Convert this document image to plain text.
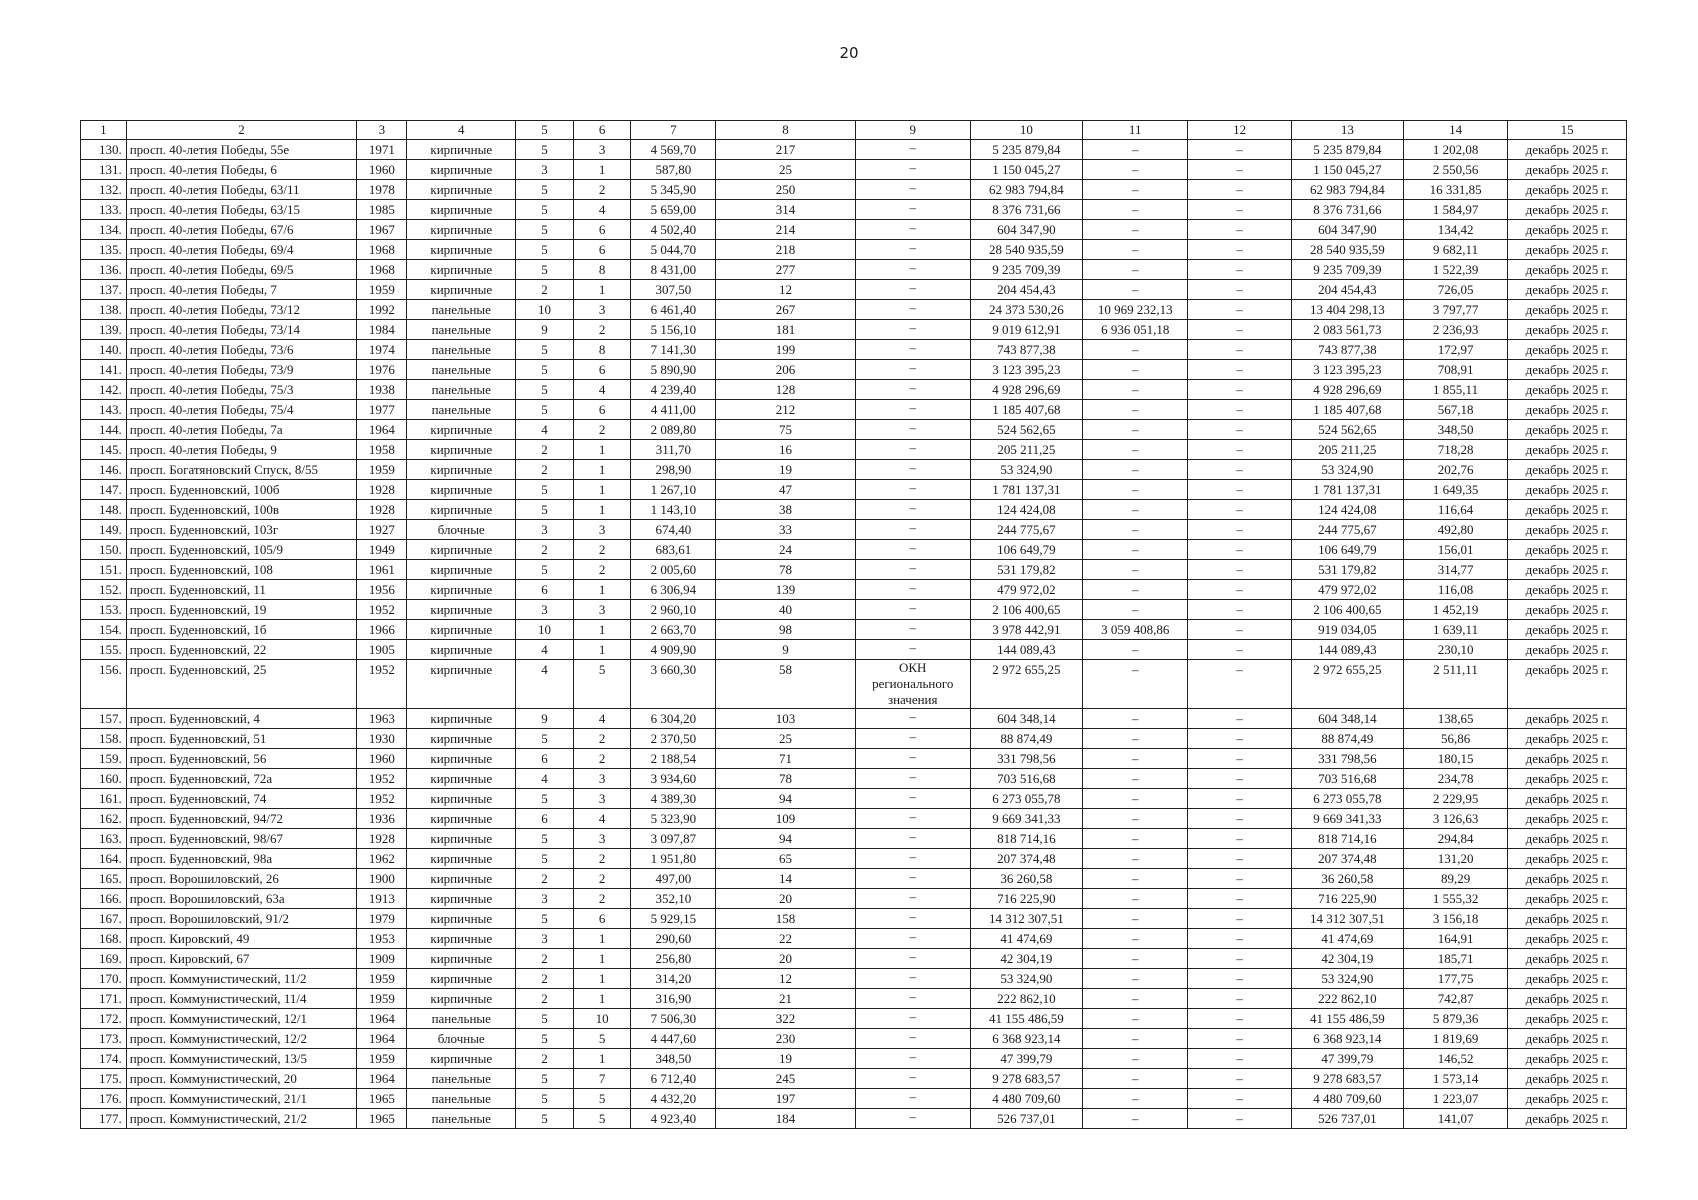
20
1	2	3	4	5	6	7	8	9	10	11	12	13	14	15
130.	просп. 40-летия Победы, 55е	1971	кирпичные	5	3	4 569,70	217	–	5 235 879,84	–	–	5 235 879,84	1 202,08	декабрь 2025 г.
131.	просп. 40-летия Победы, 6	1960	кирпичные	3	1	587,80	25	–	1 150 045,27	–	–	1 150 045,27	2 550,56	декабрь 2025 г.
132.	просп. 40-летия Победы, 63/11	1978	кирпичные	5	2	5 345,90	250	–	62 983 794,84	–	–	62 983 794,84	16 331,85	декабрь 2025 г.
133.	просп. 40-летия Победы, 63/15	1985	кирпичные	5	4	5 659,00	314	–	8 376 731,66	–	–	8 376 731,66	1 584,97	декабрь 2025 г.
134.	просп. 40-летия Победы, 67/6	1967	кирпичные	5	6	4 502,40	214	–	604 347,90	–	–	604 347,90	134,42	декабрь 2025 г.
135.	просп. 40-летия Победы, 69/4	1968	кирпичные	5	6	5 044,70	218	–	28 540 935,59	–	–	28 540 935,59	9 682,11	декабрь 2025 г.
136.	просп. 40-летия Победы, 69/5	1968	кирпичные	5	8	8 431,00	277	–	9 235 709,39	–	–	9 235 709,39	1 522,39	декабрь 2025 г.
137.	просп. 40-летия Победы, 7	1959	кирпичные	2	1	307,50	12	–	204 454,43	–	–	204 454,43	726,05	декабрь 2025 г.
138.	просп. 40-летия Победы, 73/12	1992	панельные	10	3	6 461,40	267	–	24 373 530,26	10 969 232,13	–	13 404 298,13	3 797,77	декабрь 2025 г.
139.	просп. 40-летия Победы, 73/14	1984	панельные	9	2	5 156,10	181	–	9 019 612,91	6 936 051,18	–	2 083 561,73	2 236,93	декабрь 2025 г.
140.	просп. 40-летия Победы, 73/6	1974	панельные	5	8	7 141,30	199	–	743 877,38	–	–	743 877,38	172,97	декабрь 2025 г.
141.	просп. 40-летия Победы, 73/9	1976	панельные	5	6	5 890,90	206	–	3 123 395,23	–	–	3 123 395,23	708,91	декабрь 2025 г.
142.	просп. 40-летия Победы, 75/3	1938	панельные	5	4	4 239,40	128	–	4 928 296,69	–	–	4 928 296,69	1 855,11	декабрь 2025 г.
143.	просп. 40-летия Победы, 75/4	1977	панельные	5	6	4 411,00	212	–	1 185 407,68	–	–	1 185 407,68	567,18	декабрь 2025 г.
144.	просп. 40-летия Победы, 7а	1964	кирпичные	4	2	2 089,80	75	–	524 562,65	–	–	524 562,65	348,50	декабрь 2025 г.
145.	просп. 40-летия Победы, 9	1958	кирпичные	2	1	311,70	16	–	205 211,25	–	–	205 211,25	718,28	декабрь 2025 г.
146.	просп. Богатяновский Спуск, 8/55	1959	кирпичные	2	1	298,90	19	–	53 324,90	–	–	53 324,90	202,76	декабрь 2025 г.
147.	просп. Буденновский, 100б	1928	кирпичные	5	1	1 267,10	47	–	1 781 137,31	–	–	1 781 137,31	1 649,35	декабрь 2025 г.
148.	просп. Буденновский, 100в	1928	кирпичные	5	1	1 143,10	38	–	124 424,08	–	–	124 424,08	116,64	декабрь 2025 г.
149.	просп. Буденновский, 103г	1927	блочные	3	3	674,40	33	–	244 775,67	–	–	244 775,67	492,80	декабрь 2025 г.
150.	просп. Буденновский, 105/9	1949	кирпичные	2	2	683,61	24	–	106 649,79	–	–	106 649,79	156,01	декабрь 2025 г.
151.	просп. Буденновский, 108	1961	кирпичные	5	2	2 005,60	78	–	531 179,82	–	–	531 179,82	314,77	декабрь 2025 г.
152.	просп. Буденновский, 11	1956	кирпичные	6	1	6 306,94	139	–	479 972,02	–	–	479 972,02	116,08	декабрь 2025 г.
153.	просп. Буденновский, 19	1952	кирпичные	3	3	2 960,10	40	–	2 106 400,65	–	–	2 106 400,65	1 452,19	декабрь 2025 г.
154.	просп. Буденновский, 1б	1966	кирпичные	10	1	2 663,70	98	–	3 978 442,91	3 059 408,86	–	919 034,05	1 639,11	декабрь 2025 г.
155.	просп. Буденновский, 22	1905	кирпичные	4	1	4 909,90	9	–	144 089,43	–	–	144 089,43	230,10	декабрь 2025 г.
156.	просп. Буденновский, 25	1952	кирпичные	4	5	3 660,30	58	ОКН регионального значения	2 972 655,25	–	–	2 972 655,25	2 511,11	декабрь 2025 г.
157.	просп. Буденновский, 4	1963	кирпичные	9	4	6 304,20	103	–	604 348,14	–	–	604 348,14	138,65	декабрь 2025 г.
158.	просп. Буденновский, 51	1930	кирпичные	5	2	2 370,50	25	–	88 874,49	–	–	88 874,49	56,86	декабрь 2025 г.
159.	просп. Буденновский, 56	1960	кирпичные	6	2	2 188,54	71	–	331 798,56	–	–	331 798,56	180,15	декабрь 2025 г.
160.	просп. Буденновский, 72а	1952	кирпичные	4	3	3 934,60	78	–	703 516,68	–	–	703 516,68	234,78	декабрь 2025 г.
161.	просп. Буденновский, 74	1952	кирпичные	5	3	4 389,30	94	–	6 273 055,78	–	–	6 273 055,78	2 229,95	декабрь 2025 г.
162.	просп. Буденновский, 94/72	1936	кирпичные	6	4	5 323,90	109	–	9 669 341,33	–	–	9 669 341,33	3 126,63	декабрь 2025 г.
163.	просп. Буденновский, 98/67	1928	кирпичные	5	3	3 097,87	94	–	818 714,16	–	–	818 714,16	294,84	декабрь 2025 г.
164.	просп. Буденновский, 98а	1962	кирпичные	5	2	1 951,80	65	–	207 374,48	–	–	207 374,48	131,20	декабрь 2025 г.
165.	просп. Ворошиловский, 26	1900	кирпичные	2	2	497,00	14	–	36 260,58	–	–	36 260,58	89,29	декабрь 2025 г.
166.	просп. Ворошиловский, 63а	1913	кирпичные	3	2	352,10	20	–	716 225,90	–	–	716 225,90	1 555,32	декабрь 2025 г.
167.	просп. Ворошиловский, 91/2	1979	кирпичные	5	6	5 929,15	158	–	14 312 307,51	–	–	14 312 307,51	3 156,18	декабрь 2025 г.
168.	просп. Кировский, 49	1953	кирпичные	3	1	290,60	22	–	41 474,69	–	–	41 474,69	164,91	декабрь 2025 г.
169.	просп. Кировский, 67	1909	кирпичные	2	1	256,80	20	–	42 304,19	–	–	42 304,19	185,71	декабрь 2025 г.
170.	просп. Коммунистический, 11/2	1959	кирпичные	2	1	314,20	12	–	53 324,90	–	–	53 324,90	177,75	декабрь 2025 г.
171.	просп. Коммунистический, 11/4	1959	кирпичные	2	1	316,90	21	–	222 862,10	–	–	222 862,10	742,87	декабрь 2025 г.
172.	просп. Коммунистический, 12/1	1964	панельные	5	10	7 506,30	322	–	41 155 486,59	–	–	41 155 486,59	5 879,36	декабрь 2025 г.
173.	просп. Коммунистический, 12/2	1964	блочные	5	5	4 447,60	230	–	6 368 923,14	–	–	6 368 923,14	1 819,69	декабрь 2025 г.
174.	просп. Коммунистический, 13/5	1959	кирпичные	2	1	348,50	19	–	47 399,79	–	–	47 399,79	146,52	декабрь 2025 г.
175.	просп. Коммунистический, 20	1964	панельные	5	7	6 712,40	245	–	9 278 683,57	–	–	9 278 683,57	1 573,14	декабрь 2025 г.
176.	просп. Коммунистический, 21/1	1965	панельные	5	5	4 432,20	197	–	4 480 709,60	–	–	4 480 709,60	1 223,07	декабрь 2025 г.
177.	просп. Коммунистический, 21/2	1965	панельные	5	5	4 923,40	184	–	526 737,01	–	–	526 737,01	141,07	декабрь 2025 г.
